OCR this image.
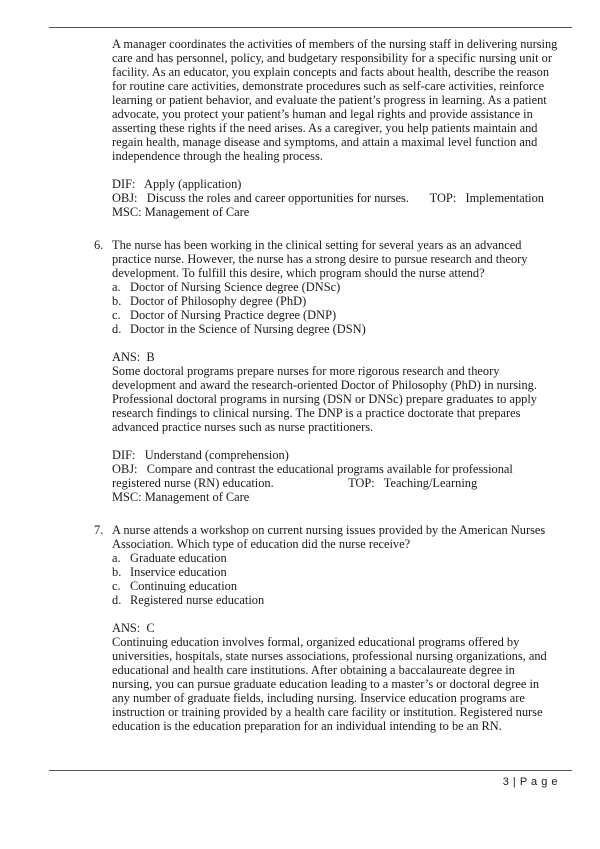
A manager coordinates the activities of members of the nursing staff in delivering nursing care and has personnel, policy, and budgetary responsibility for a specific nursing unit or facility. As an educator, you explain concepts and facts about health, describe the reason for routine care activities, demonstrate procedures such as self-care activities, reinforce learning or patient behavior, and evaluate the patient’s progress in learning. As a patient advocate, you protect your patient’s human and legal rights and provide assistance in asserting these rights if the need arises. As a caregiver, you help patients maintain and regain health, manage disease and symptoms, and attain a maximal level function and independence through the healing process.

DIF:   Apply (application)
OBJ:   Discuss the roles and career opportunities for nurses. TOP:   Implementation
MSC: Management of Care
6. The nurse has been working in the clinical setting for several years as an advanced practice nurse. However, the nurse has a strong desire to pursue research and theory development. To fulfill this desire, which program should the nurse attend?

a. Doctor of Nursing Science degree (DNSc)
b. Doctor of Philosophy degree (PhD)
c. Doctor of Nursing Practice degree (DNP)
d. Doctor in the Science of Nursing degree (DSN)
ANS:  B

Some doctoral programs prepare nurses for more rigorous research and theory development and award the research-oriented Doctor of Philosophy (PhD) in nursing. Professional doctoral programs in nursing (DSN or DNSc) prepare graduates to apply research findings to clinical nursing. The DNP is a practice doctorate that prepares advanced practice nurses such as nurse practitioners.

DIF:   Understand (comprehension)
OBJ:   Compare and contrast the educational programs available for professional registered nurse (RN) education.	TOP:   Teaching/Learning
MSC: Management of Care
7. A nurse attends a workshop on current nursing issues provided by the American Nurses Association. Which type of education did the nurse receive?

a. Graduate education
b. Inservice education
c. Continuing education
d. Registered nurse education
ANS:  C

Continuing education involves formal, organized educational programs offered by universities, hospitals, state nurses associations, professional nursing organizations, and educational and health care institutions. After obtaining a baccalaureate degree in nursing, you can pursue graduate education leading to a master’s or doctoral degree in any number of graduate fields, including nursing. Inservice education programs are instruction or training provided by a health care facility or institution. Registered nurse education is the education preparation for an individual intending to be an RN.

3 | P a g e
